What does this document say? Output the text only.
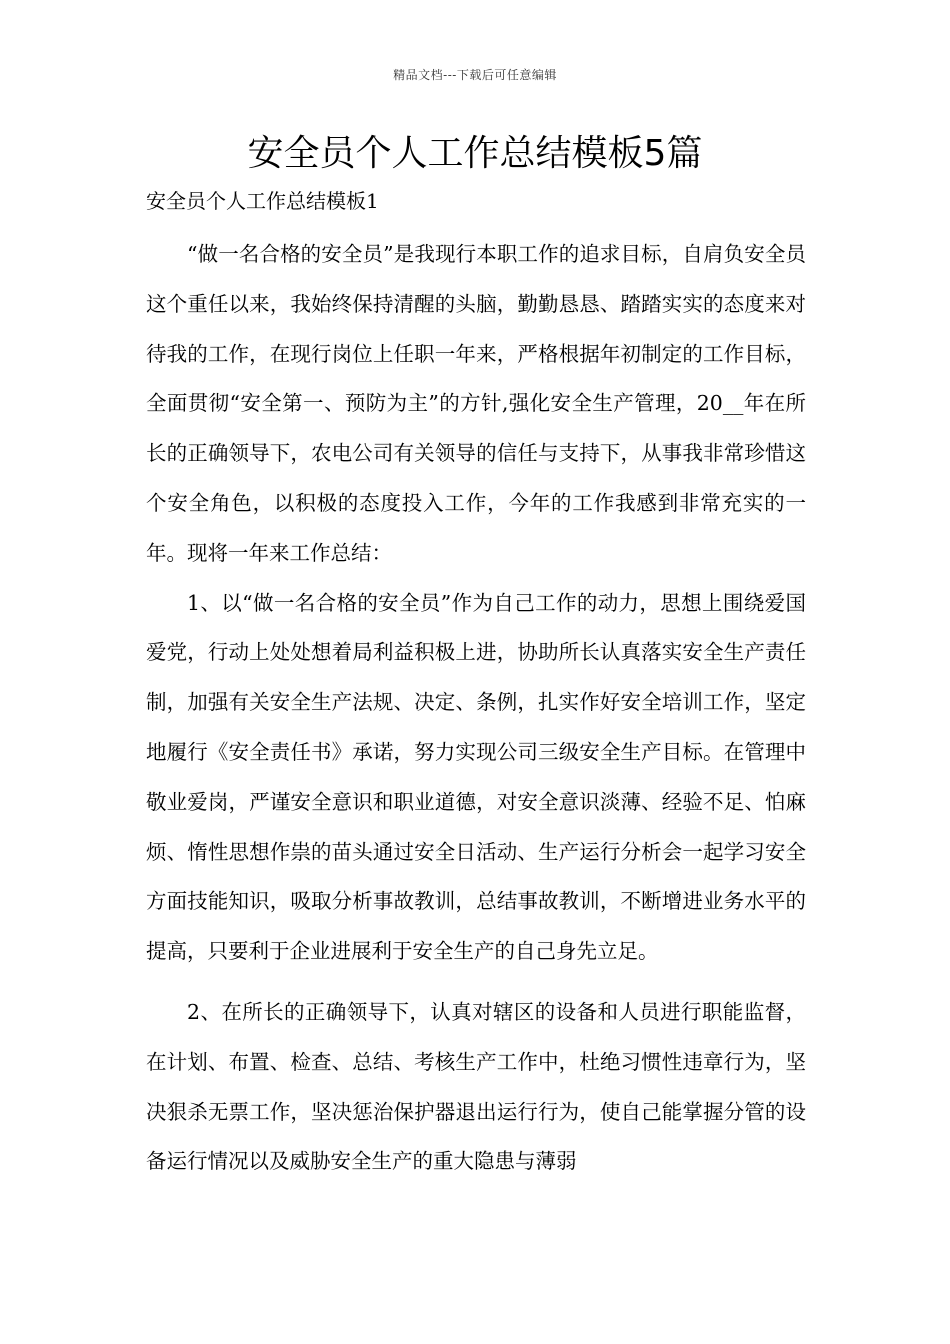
精品文档---下载后可任意编辑
安全员个人工作总结模板5篇

安全员个人工作总结模板1

“做一名合格的安全员”是我现行本职工作的追求目标，自肩负安全员这个重任以来，我始终保持清醒的头脑，勤勤恳恳、踏踏实实的态度来对待我的工作，在现行岗位上任职一年来，严格根据年初制定的工作目标，全面贯彻“安全第一、预防为主”的方针,强化安全生产管理，20__年在所长的正确领导下，农电公司有关领导的信任与支持下，从事我非常珍惜这个安全角色，以积极的态度投入工作，今年的工作我感到非常充实的一年。现将一年来工作总结：

1、以“做一名合格的安全员”作为自己工作的动力，思想上围绕爱国爱党，行动上处处想着局利益积极上进，协助所长认真落实安全生产责任制，加强有关安全生产法规、决定、条例，扎实作好安全培训工作，坚定地履行《安全责任书》承诺，努力实现公司三级安全生产目标。在管理中敬业爱岗，严谨安全意识和职业道德，对安全意识淡薄、经验不足、怕麻烦、惰性思想作祟的苗头通过安全日活动、生产运行分析会一起学习安全方面技能知识，吸取分析事故教训，总结事故教训，不断增进业务水平的提高，只要利于企业进展利于安全生产的自己身先立足。

2、在所长的正确领导下，认真对辖区的设备和人员进行职能监督，在计划、布置、检查、总结、考核生产工作中，杜绝习惯性违章行为，坚决狠杀无票工作，坚决惩治保护器退出运行行为，使自己能掌握分管的设备运行情况以及威胁安全生产的重大隐患与薄弱
